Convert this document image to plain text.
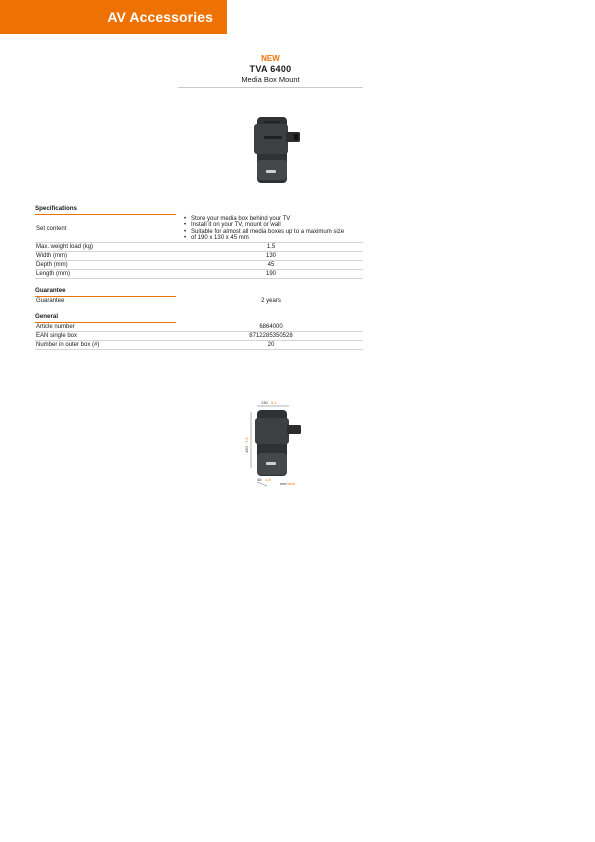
AV Accessories
NEW
TVA 6400
Media Box Mount
Specifications
Set content
• Store your media box behind your TV
• Install it on your TV, mount or wall
• Suitable for almost all media boxes up to a maximum size
• of 190 x 130 x 45 mm
Max. weight load (kg)	1.5
Width (mm)	130
Depth (mm)	45
Length (mm)	190
Guarantee
Guarantee	2 years
General
Article number	6864000
EAN single box	8712285350528
Number in outer box (#)	20
130 5.1
190
7.5
45 1.8
mm / inch
